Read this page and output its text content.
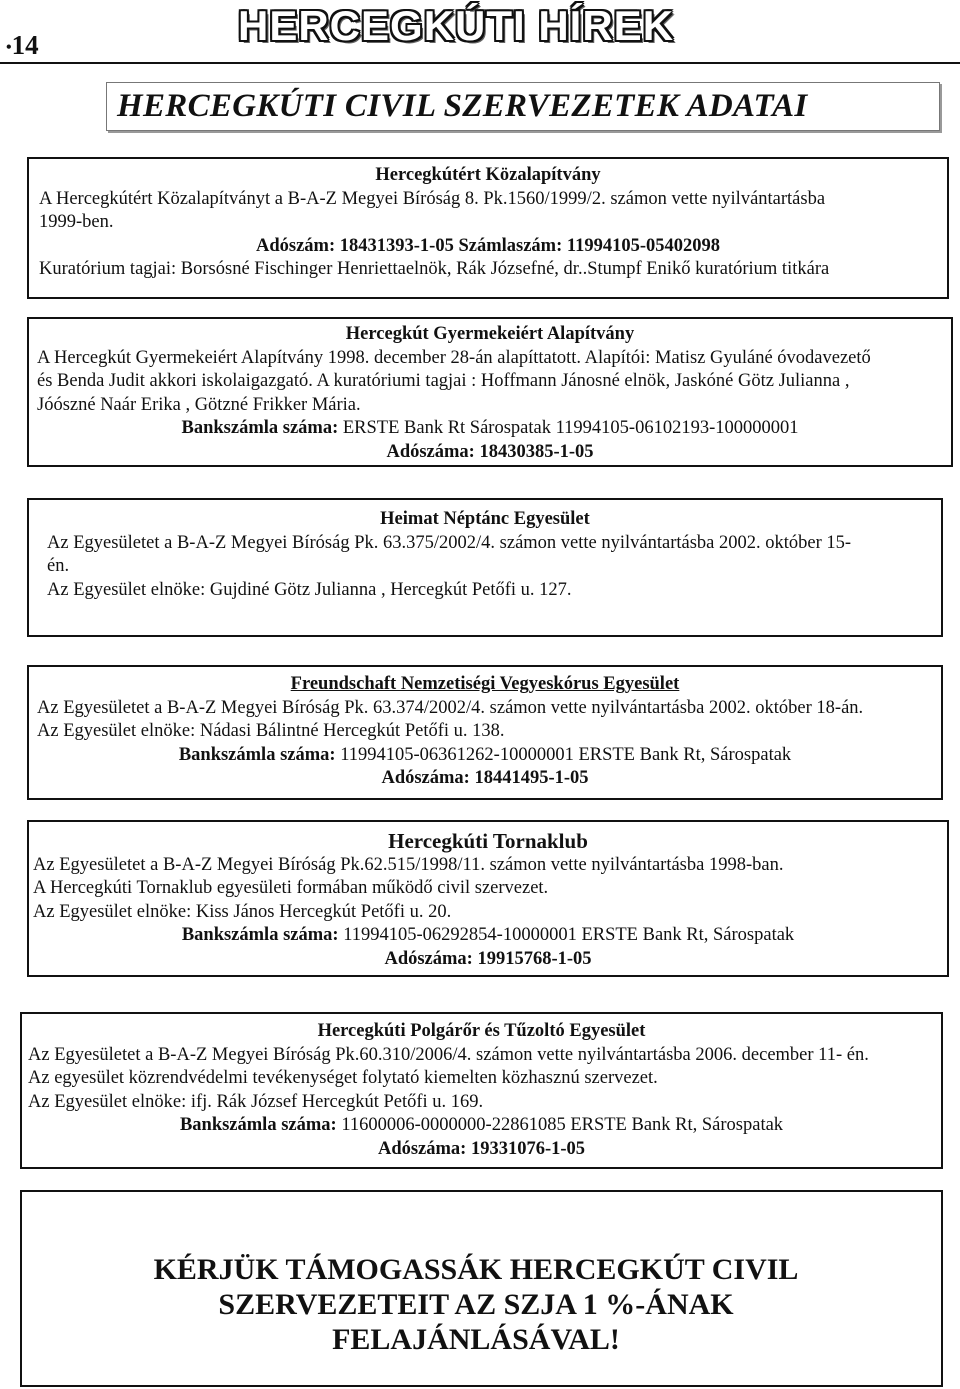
•14	HERCEGKÚTI HÍREK
HERCEGKÚTI CIVIL SZERVEZETEK ADATAI

Hercegkútért Közalapítvány

A Hercegkútért Közalapítványt a B-A-Z Megyei Bíróság 8. Pk.1560/1999/2. számon vette nyilvántartásba

1999-ben.

Adószám: 18431393-1-05 Számlaszám: 11994105-05402098

Kuratórium tagjai: Borsósné Fischinger Henriettaelnök, Rák Józsefné, dr..Stumpf Enikő kuratórium titkára

Hercegkút Gyermekeiért Alapítvány

A Hercegkút Gyermekeiért Alapítvány 1998. december 28-án alapíttatott. Alapítói: Matisz Gyuláné óvodavezető

és Benda Judit akkori iskolaigazgató. A kuratóriumi tagjai : Hoffmann Jánosné elnök, Jaskóné Götz Julianna ,

Jóószné Naár Erika , Götzné Frikker Mária.

Bankszámla száma: ERSTE Bank Rt Sárospatak 11994105-06102193-100000001

Adószáma: 18430385-1-05

Heimat Néptánc Egyesület

Az Egyesületet a B-A-Z Megyei Bíróság Pk. 63.375/2002/4. számon vette nyilvántartásba 2002. október 15-

én.

Az Egyesület elnöke: Gujdiné Götz Julianna , Hercegkút Petőfi u. 127.

Freundschaft Nemzetiségi Vegyeskórus Egyesület

Az Egyesületet a B-A-Z Megyei Bíróság Pk. 63.374/2002/4. számon vette nyilvántartásba 2002. október 18-án.

Az Egyesület elnöke: Nádasi Bálintné Hercegkút Petőfi u. 138.

Bankszámla száma: 11994105-06361262-10000001 ERSTE Bank Rt, Sárospatak

Adószáma: 18441495-1-05

Hercegkúti Tornaklub

Az Egyesületet a B-A-Z Megyei Bíróság Pk.62.515/1998/11. számon vette nyilvántartásba 1998-ban.

A Hercegkúti Tornaklub egyesületi formában működő civil szervezet.

Az Egyesület elnöke: Kiss János Hercegkút Petőfi u. 20.

Bankszámla száma: 11994105-06292854-10000001 ERSTE Bank Rt, Sárospatak

Adószáma: 19915768-1-05

Hercegkúti Polgárőr és Tűzoltó Egyesület

Az Egyesületet a B-A-Z Megyei Bíróság Pk.60.310/2006/4. számon vette nyilvántartásba 2006. december 11- én.

Az egyesület közrendvédelmi tevékenységet folytató kiemelten közhasznú szervezet.

Az Egyesület elnöke: ifj. Rák József Hercegkút Petőfi u. 169.

Bankszámla száma: 11600006-0000000-22861085 ERSTE Bank Rt, Sárospatak

Adószáma: 19331076-1-05

KÉRJÜK TÁMOGASSÁK HERCEGKÚT CIVIL
SZERVEZETEIT AZ SZJA 1 %-ÁNAK
FELAJÁNLÁSÁVAL!
